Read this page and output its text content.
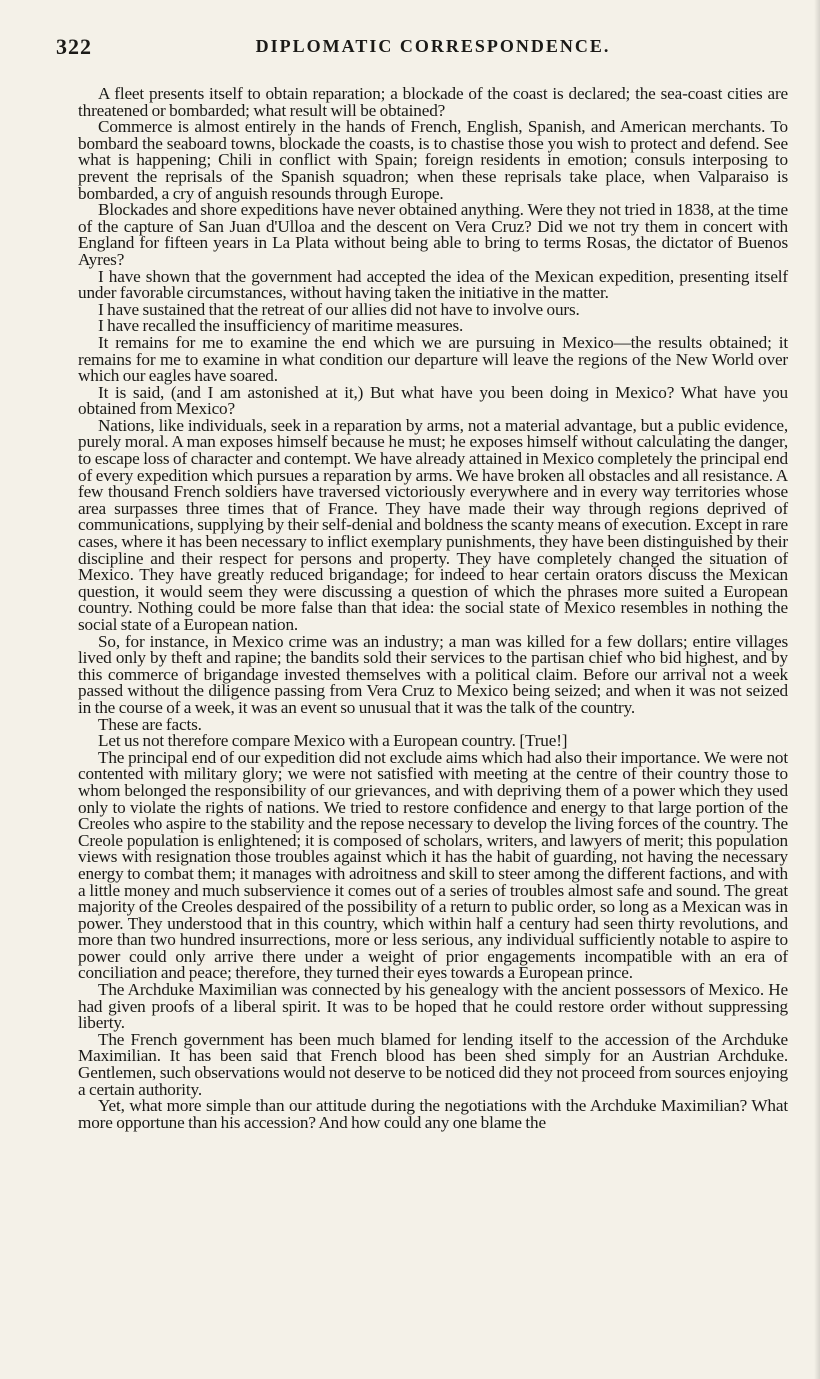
322	DIPLOMATIC CORRESPONDENCE.

A fleet presents itself to obtain reparation; a blockade of the coast is declared; the sea-coast cities are threatened or bombarded; what result will be obtained?

Commerce is almost entirely in the hands of French, English, Spanish, and American merchants. To bombard the seaboard towns, blockade the coasts, is to chastise those you wish to protect and defend. See what is happening; Chili in conflict with Spain; foreign residents in emotion; consuls interposing to prevent the reprisals of the Spanish squadron; when these reprisals take place, when Valparaiso is bombarded, a cry of anguish resounds through Europe.

Blockades and shore expeditions have never obtained anything. Were they not tried in 1838, at the time of the capture of San Juan d'Ulloa and the descent on Vera Cruz? Did we not try them in concert with England for fifteen years in La Plata without being able to bring to terms Rosas, the dictator of Buenos Ayres?

I have shown that the government had accepted the idea of the Mexican expedition, presenting itself under favorable circumstances, without having taken the initiative in the matter.

I have sustained that the retreat of our allies did not have to involve ours.

I have recalled the insufficiency of maritime measures.

It remains for me to examine the end which we are pursuing in Mexico—the results obtained; it remains for me to examine in what condition our departure will leave the regions of the New World over which our eagles have soared.

It is said, (and I am astonished at it,) But what have you been doing in Mexico? What have you obtained from Mexico?

Nations, like individuals, seek in a reparation by arms, not a material advantage, but a public evidence, purely moral. A man exposes himself because he must; he exposes himself without calculating the danger, to escape loss of character and contempt. We have already attained in Mexico completely the principal end of every expedition which pursues a reparation by arms. We have broken all obstacles and all resistance. A few thousand French soldiers have traversed victoriously everywhere and in every way territories whose area surpasses three times that of France. They have made their way through regions deprived of communications, supplying by their self-denial and boldness the scanty means of execution. Except in rare cases, where it has been necessary to inflict exemplary punishments, they have been distinguished by their discipline and their respect for persons and property. They have completely changed the situation of Mexico. They have greatly reduced brigandage; for indeed to hear certain orators discuss the Mexican question, it would seem they were discussing a question of which the phrases more suited a European country. Nothing could be more false than that idea: the social state of Mexico resembles in nothing the social state of a European nation.

So, for instance, in Mexico crime was an industry; a man was killed for a few dollars; entire villages lived only by theft and rapine; the bandits sold their services to the partisan chief who bid highest, and by this commerce of brigandage invested themselves with a political claim. Before our arrival not a week passed without the diligence passing from Vera Cruz to Mexico being seized; and when it was not seized in the course of a week, it was an event so unusual that it was the talk of the country.

These are facts.

Let us not therefore compare Mexico with a European country. [True!]

The principal end of our expedition did not exclude aims which had also their importance. We were not contented with military glory; we were not satisfied with meeting at the centre of their country those to whom belonged the responsibility of our grievances, and with depriving them of a power which they used only to violate the rights of nations. We tried to restore confidence and energy to that large portion of the Creoles who aspire to the stability and the repose necessary to develop the living forces of the country. The Creole population is enlightened; it is composed of scholars, writers, and lawyers of merit; this population views with resignation those troubles against which it has the habit of guarding, not having the necessary energy to combat them; it manages with adroitness and skill to steer among the different factions, and with a little money and much subservience it comes out of a series of troubles almost safe and sound. The great majority of the Creoles despaired of the possibility of a return to public order, so long as a Mexican was in power. They understood that in this country, which within half a century had seen thirty revolutions, and more than two hundred insurrections, more or less serious, any individual sufficiently notable to aspire to power could only arrive there under a weight of prior engagements incompatible with an era of conciliation and peace; therefore, they turned their eyes towards a European prince.

The Archduke Maximilian was connected by his genealogy with the ancient possessors of Mexico. He had given proofs of a liberal spirit. It was to be hoped that he could restore order without suppressing liberty.

The French government has been much blamed for lending itself to the accession of the Archduke Maximilian. It has been said that French blood has been shed simply for an Austrian Archduke. Gentlemen, such observations would not deserve to be noticed did they not proceed from sources enjoying a certain authority.

Yet, what more simple than our attitude during the negotiations with the Archduke Maximilian? What more opportune than his accession? And how could any one blame the
